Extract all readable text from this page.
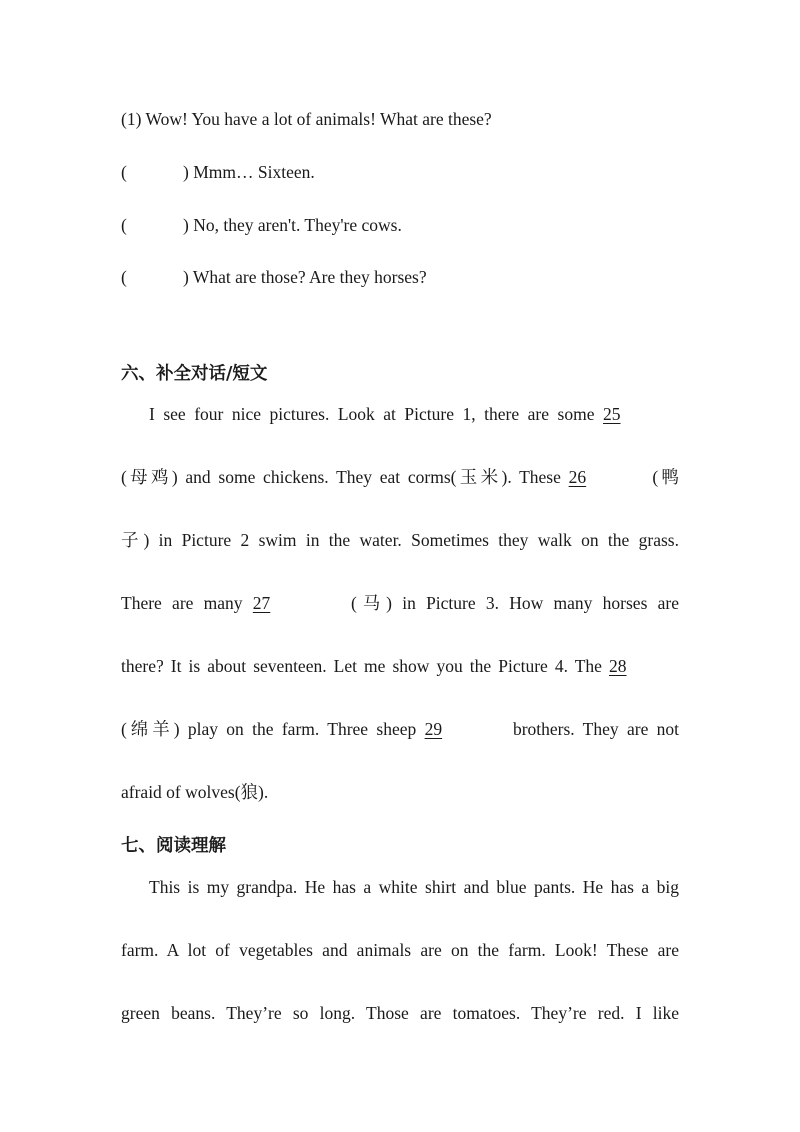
(1) Wow! You have a lot of animals! What are these?
(	) Mmm… Sixteen.
(	) No, they aren't. They're cows.
(	) What are those? Are they horses?
六、补全对话/短文
I see four nice pictures. Look at Picture 1, there are some 25
(母鸡) and some chickens. They eat corms(玉米). These 26	(鸭
子) in Picture 2 swim in the water. Sometimes they walk on the grass.
There are many 27	(马) in Picture 3. How many horses are
there? It is about seventeen. Let me show you the Picture 4. The 28
(绵羊) play on the farm. Three sheep 29	brothers. They are not
afraid of wolves(狼).
七、阅读理解
This is my grandpa. He has a white shirt and blue pants. He has a big
farm. A lot of vegetables and animals are on the farm. Look! These are
green beans. They’re so long. Those are tomatoes. They’re red. I like
